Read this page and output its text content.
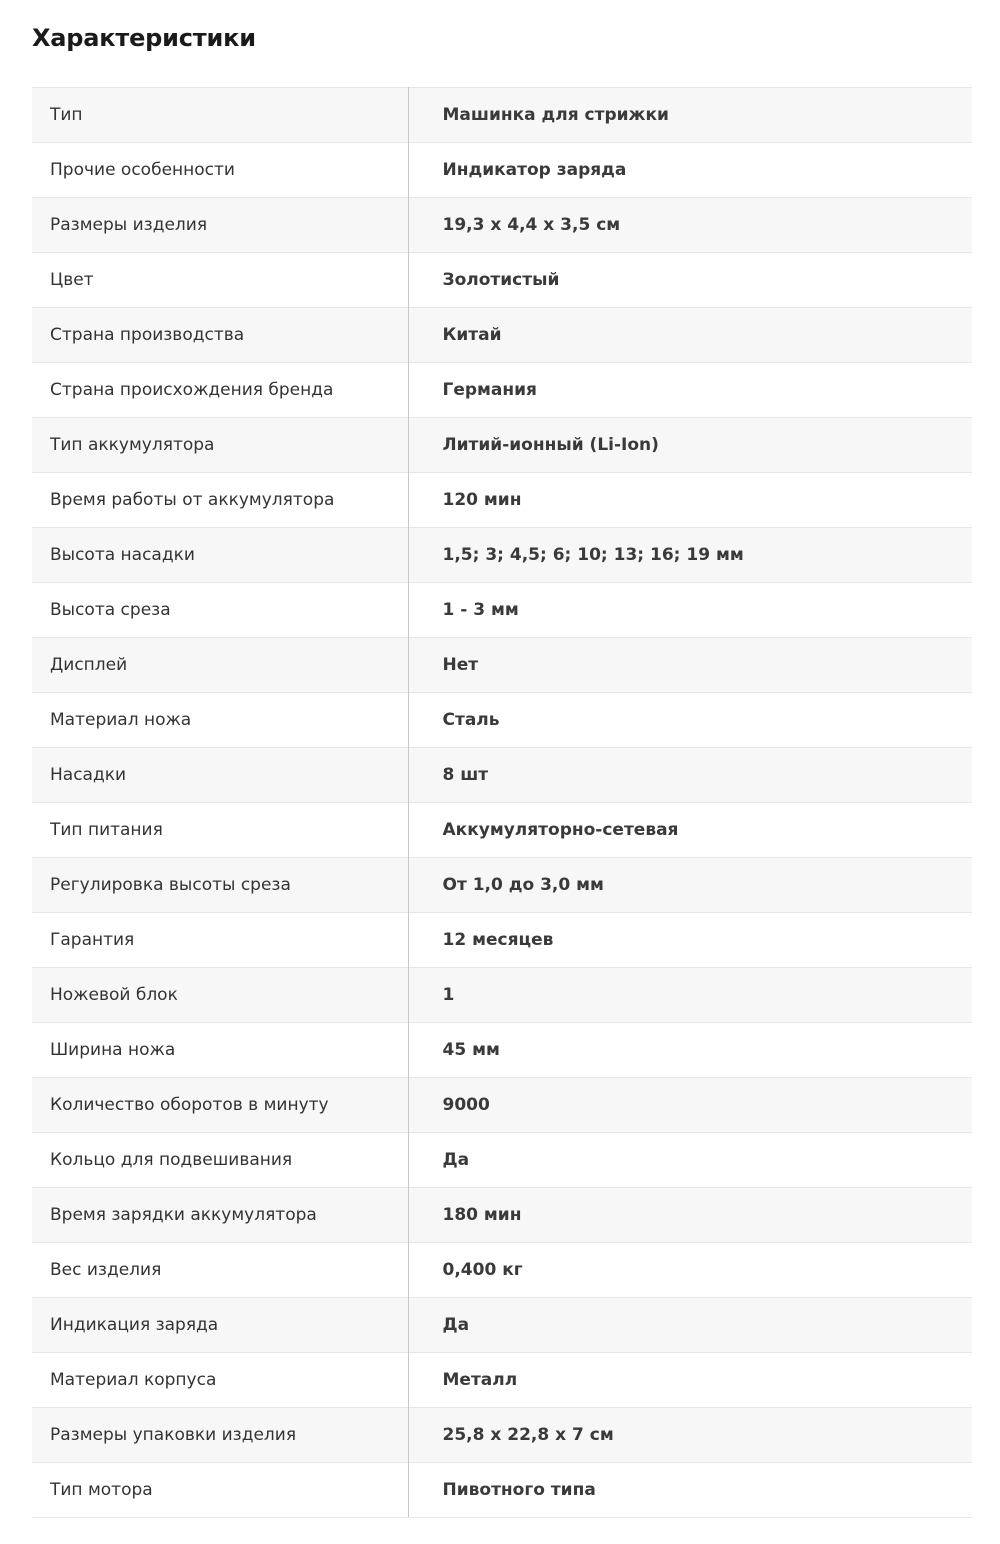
Характеристики
Тип	Машинка для стрижки
Прочие особенности	Индикатор заряда
Размеры изделия	19,3 x 4,4 x 3,5 см
Цвет	Золотистый
Страна производства	Китай
Страна происхождения бренда	Германия
Тип аккумулятора	Литий-ионный (Li-Ion)
Время работы от аккумулятора	120 мин
Высота насадки	1,5; 3; 4,5; 6; 10; 13; 16; 19 мм
Высота среза	1 - 3 мм
Дисплей	Нет
Материал ножа	Сталь
Насадки	8 шт
Тип питания	Аккумуляторно-сетевая
Регулировка высоты среза	От 1,0 до 3,0 мм
Гарантия	12 месяцев
Ножевой блок	1
Ширина ножа	45 мм
Количество оборотов в минуту	9000
Кольцо для подвешивания	Да
Время зарядки аккумулятора	180 мин
Вес изделия	0,400 кг
Индикация заряда	Да
Материал корпуса	Металл
Размеры упаковки изделия	25,8 x 22,8 x 7 см
Тип мотора	Пивотного типа
